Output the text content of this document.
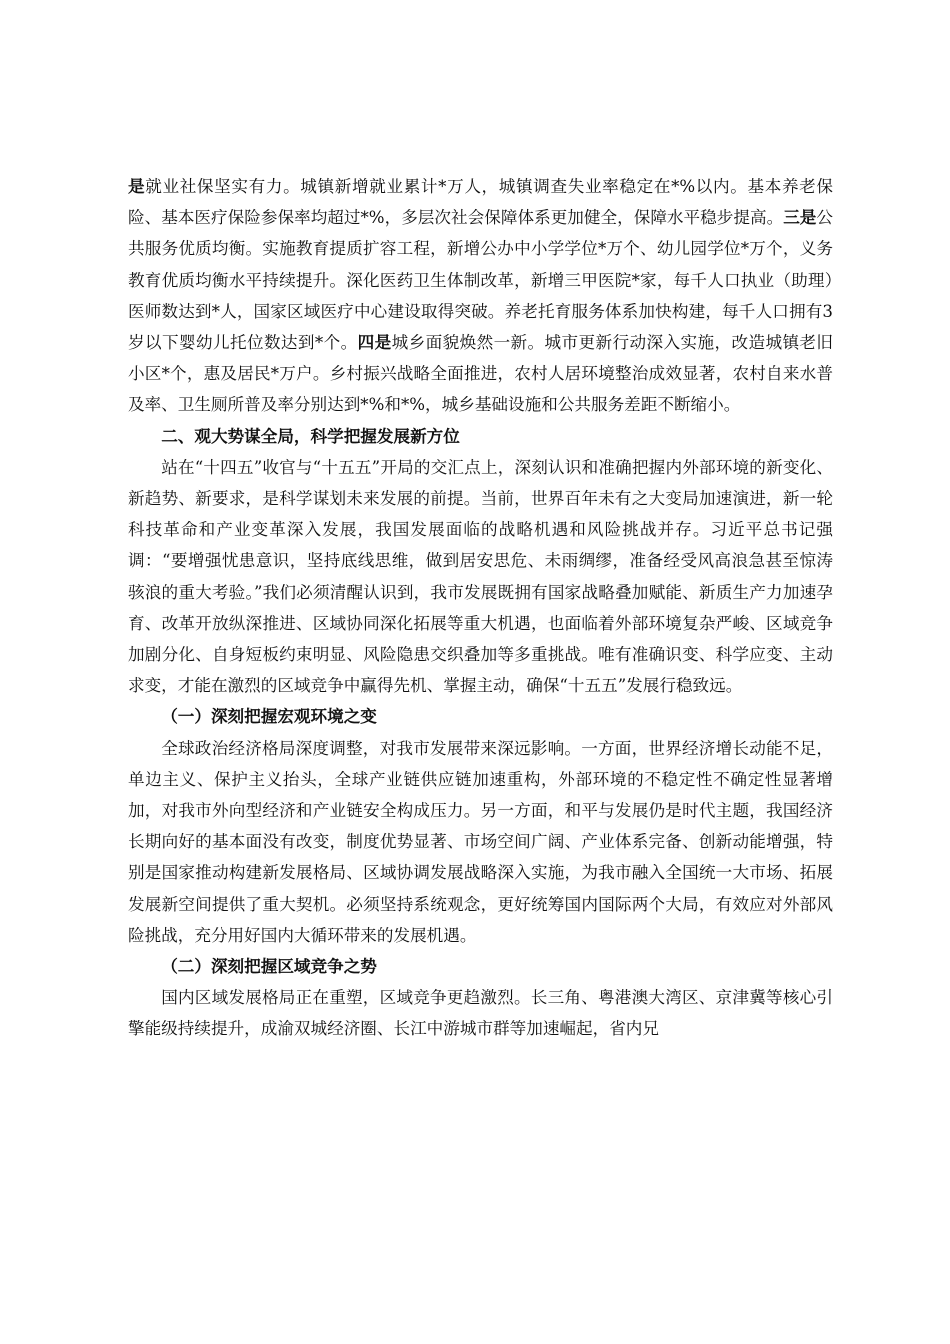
是就业社保坚实有力。城镇新增就业累计*万人，城镇调查失业率稳定在*%以内。基本养老保险、基本医疗保险参保率均超过*%，多层次社会保障体系更加健全，保障水平稳步提高。三是公共服务优质均衡。实施教育提质扩容工程，新增公办中小学学位*万个、幼儿园学位*万个，义务教育优质均衡水平持续提升。深化医药卫生体制改革，新增三甲医院*家，每千人口执业（助理）医师数达到*人，国家区域医疗中心建设取得突破。养老托育服务体系加快构建，每千人口拥有3岁以下婴幼儿托位数达到*个。四是城乡面貌焕然一新。城市更新行动深入实施，改造城镇老旧小区*个，惠及居民*万户。乡村振兴战略全面推进，农村人居环境整治成效显著，农村自来水普及率、卫生厕所普及率分别达到*%和*%，城乡基础设施和公共服务差距不断缩小。

二、观大势谋全局，科学把握发展新方位

站在“十四五”收官与“十五五”开局的交汇点上，深刻认识和准确把握内外部环境的新变化、新趋势、新要求，是科学谋划未来发展的前提。当前，世界百年未有之大变局加速演进，新一轮科技革命和产业变革深入发展，我国发展面临的战略机遇和风险挑战并存。习近平总书记强调：“要增强忧患意识，坚持底线思维，做到居安思危、未雨绸缪，准备经受风高浪急甚至惊涛骇浪的重大考验。”我们必须清醒认识到，我市发展既拥有国家战略叠加赋能、新质生产力加速孕育、改革开放纵深推进、区域协同深化拓展等重大机遇，也面临着外部环境复杂严峻、区域竞争加剧分化、自身短板约束明显、风险隐患交织叠加等多重挑战。唯有准确识变、科学应变、主动求变，才能在激烈的区域竞争中赢得先机、掌握主动，确保“十五五”发展行稳致远。

（一）深刻把握宏观环境之变

全球政治经济格局深度调整，对我市发展带来深远影响。一方面，世界经济增长动能不足，单边主义、保护主义抬头，全球产业链供应链加速重构，外部环境的不稳定性不确定性显著增加，对我市外向型经济和产业链安全构成压力。另一方面，和平与发展仍是时代主题，我国经济长期向好的基本面没有改变，制度优势显著、市场空间广阔、产业体系完备、创新动能增强，特别是国家推动构建新发展格局、区域协调发展战略深入实施，为我市融入全国统一大市场、拓展发展新空间提供了重大契机。必须坚持系统观念，更好统筹国内国际两个大局，有效应对外部风险挑战，充分用好国内大循环带来的发展机遇。

（二）深刻把握区域竞争之势

国内区域发展格局正在重塑，区域竞争更趋激烈。长三角、粤港澳大湾区、京津冀等核心引擎能级持续提升，成渝双城经济圈、长江中游城市群等加速崛起，省内兄
